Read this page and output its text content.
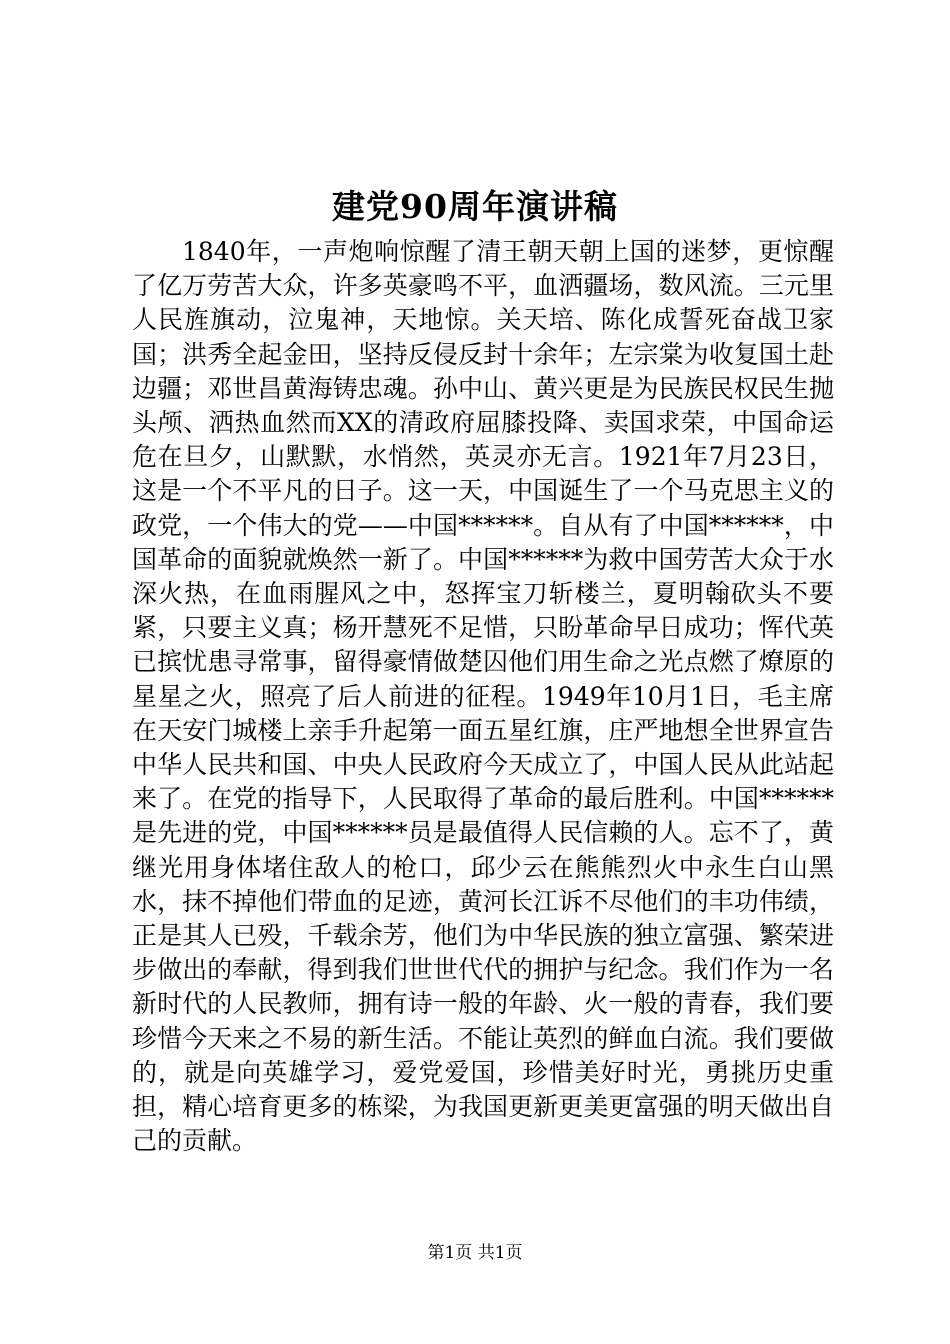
建党90周年演讲稿

1840年，一声炮响惊醒了清王朝天朝上国的迷梦，更惊醒了亿万劳苦大众，许多英豪鸣不平，血洒疆场，数风流。三元里人民旌旗动，泣鬼神，天地惊。关天培、陈化成誓死奋战卫家国；洪秀全起金田，坚持反侵反封十余年；左宗棠为收复国土赴边疆；邓世昌黄海铸忠魂。孙中山、黄兴更是为民族民权民生抛头颅、洒热血然而XX的清政府屈膝投降、卖国求荣，中国命运危在旦夕，山默默，水悄然，英灵亦无言。1921年7月23日，这是一个不平凡的日子。这一天，中国诞生了一个马克思主义的政党，一个伟大的党——中国******。自从有了中国******，中国革命的面貌就焕然一新了。中国******为救中国劳苦大众于水深火热，在血雨腥风之中，怒挥宝刀斩楼兰，夏明翰砍头不要紧，只要主义真；杨开慧死不足惜，只盼革命早日成功；恽代英已摈忧患寻常事，留得豪情做楚囚他们用生命之光点燃了燎原的星星之火，照亮了后人前进的征程。1949年10月1日，毛主席在天安门城楼上亲手升起第一面五星红旗，庄严地想全世界宣告中华人民共和国、中央人民政府今天成立了，中国人民从此站起来了。在党的指导下，人民取得了革命的最后胜利。中国******是先进的党，中国******员是最值得人民信赖的人。忘不了，黄继光用身体堵住敌人的枪口，邱少云在熊熊烈火中永生白山黑水，抹不掉他们带血的足迹，黄河长江诉不尽他们的丰功伟绩，正是其人已殁，千载余芳，他们为中华民族的独立富强、繁荣进步做出的奉献，得到我们世世代代的拥护与纪念。我们作为一名新时代的人民教师，拥有诗一般的年龄、火一般的青春，我们要珍惜今天来之不易的新生活。不能让英烈的鲜血白流。我们要做的，就是向英雄学习，爱党爱国，珍惜美好时光，勇挑历史重担，精心培育更多的栋梁，为我国更新更美更富强的明天做出自己的贡献。

第1页 共1页
